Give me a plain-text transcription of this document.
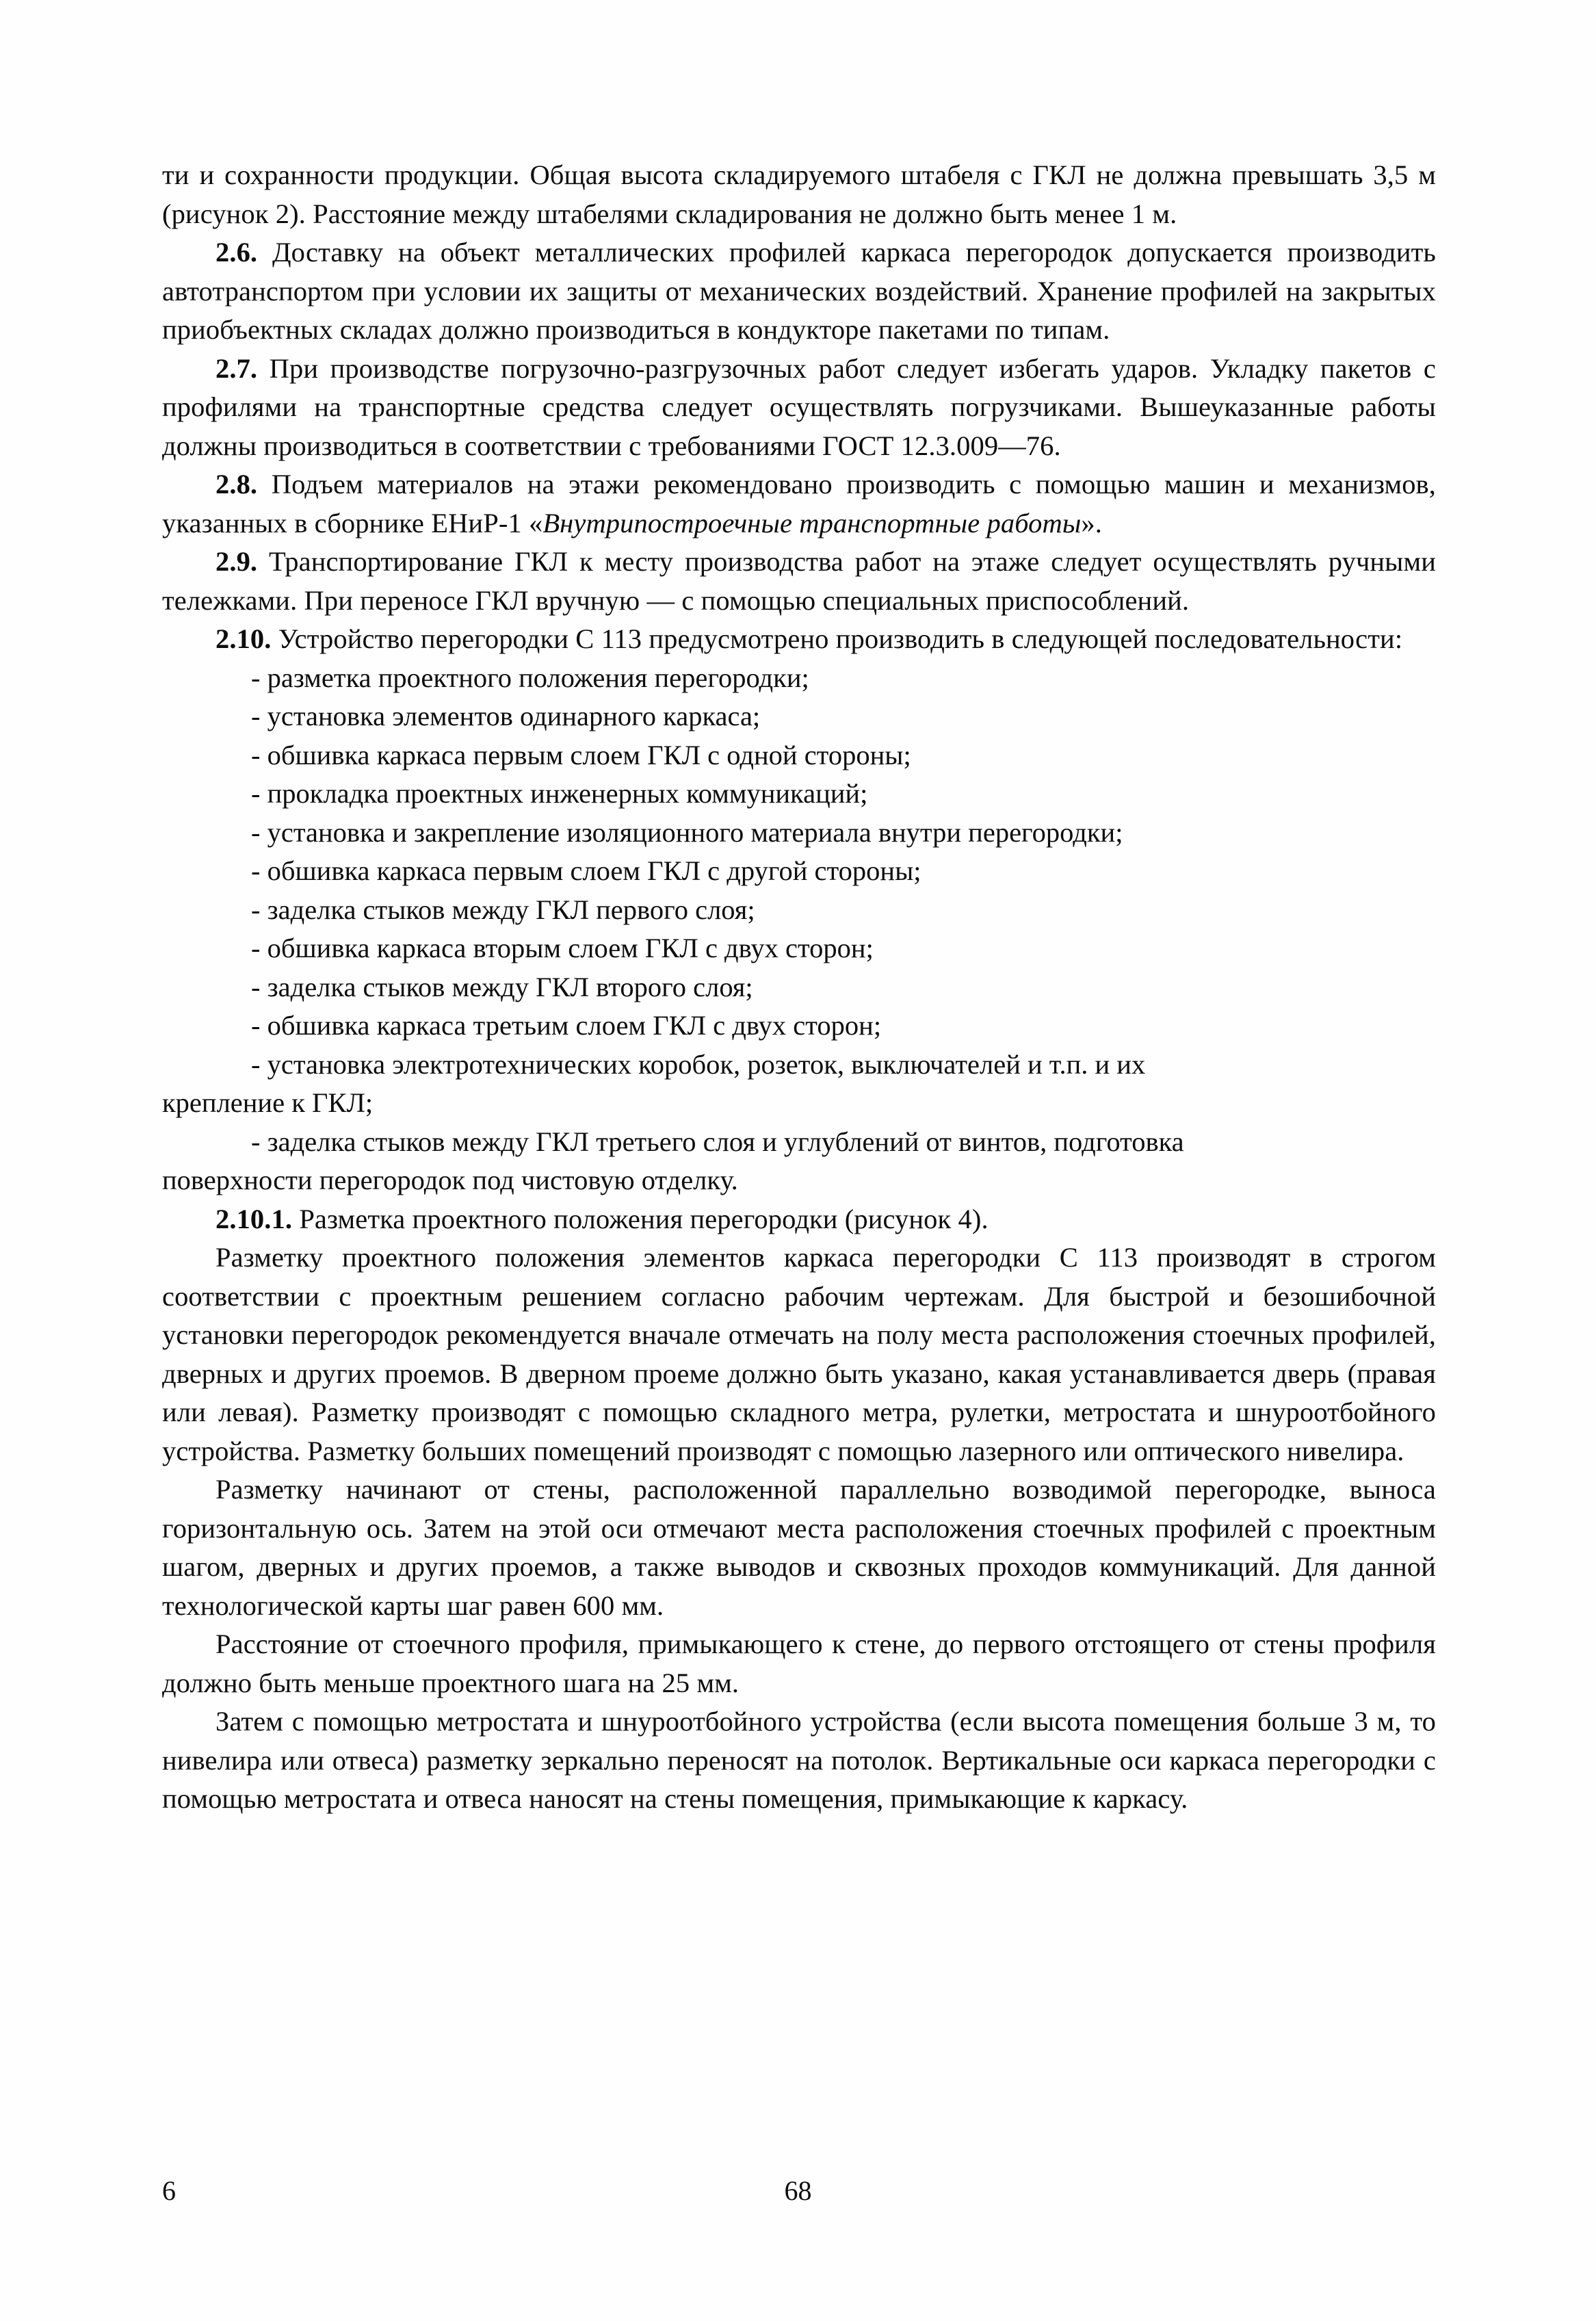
ти и сохранности продукции. Общая высота складируемого штабеля с ГКЛ не должна превышать 3,5 м (рисунок 2). Расстояние между штабелями складирования не должно быть менее 1 м.

2.6. Доставку на объект металлических профилей каркаса перегородок допускается производить автотранспортом при условии их защиты от механических воздействий. Хранение профилей на закрытых приобъектных складах должно производиться в кондукторе пакетами по типам.

2.7. При производстве погрузочно-разгрузочных работ следует избегать ударов. Укладку пакетов с профилями на транспортные средства следует осуществлять погрузчиками. Вышеуказанные работы должны производиться в соответствии с требованиями ГОСТ 12.3.009—76.

2.8. Подъем материалов на этажи рекомендовано производить с помощью машин и механизмов, указанных в сборнике ЕНиР-1 «Внутрипостроечные транспортные работы».

2.9. Транспортирование ГКЛ к месту производства работ на этаже следует осуществлять ручными тележками. При переносе ГКЛ вручную — с помощью специальных приспособлений.

2.10. Устройство перегородки С 113 предусмотрено производить в следующей последовательности:

- разметка проектного положения перегородки;
- установка элементов одинарного каркаса;
- обшивка каркаса первым слоем ГКЛ с одной стороны;
- прокладка проектных инженерных коммуникаций;
- установка и закрепление изоляционного материала внутри перегородки;
- обшивка каркаса первым слоем ГКЛ с другой стороны;
- заделка стыков между ГКЛ первого слоя;
- обшивка каркаса вторым слоем ГКЛ с двух сторон;
- заделка стыков между ГКЛ второго слоя;
- обшивка каркаса третьим слоем ГКЛ с двух сторон;
- установка электротехнических коробок, розеток, выключателей и т.п. и их
крепление к ГКЛ;
- заделка стыков между ГКЛ третьего слоя и углублений от винтов, подготовка
поверхности перегородок под чистовую отделку.

2.10.1. Разметка проектного положения перегородки (рисунок 4).

Разметку проектного положения элементов каркаса перегородки С 113 производят в строгом соответствии с проектным решением согласно рабочим чертежам. Для быстрой и безошибочной установки перегородок рекомендуется вначале отмечать на полу места расположения стоечных профилей, дверных и других проемов. В дверном проеме должно быть указано, какая устанавливается дверь (правая или левая). Разметку производят с помощью складного метра, рулетки, метростата и шнуроотбойного устройства. Разметку больших помещений производят с помощью лазерного или оптического нивелира.

Разметку начинают от стены, расположенной параллельно возводимой перегородке, выноса горизонтальную ось. Затем на этой оси отмечают места расположения стоечных профилей с проектным шагом, дверных и других проемов, а также выводов и сквозных проходов коммуникаций. Для данной технологической карты шаг равен 600 мм.

Расстояние от стоечного профиля, примыкающего к стене, до первого отстоящего от стены профиля должно быть меньше проектного шага на 25 мм.

Затем с помощью метростата и шнуроотбойного устройства (если высота помещения больше 3 м, то нивелира или отвеса) разметку зеркально переносят на потолок. Вертикальные оси каркаса перегородки с помощью метростата и отвеса наносят на стены помещения, примыкающие к каркасу.

6	68
